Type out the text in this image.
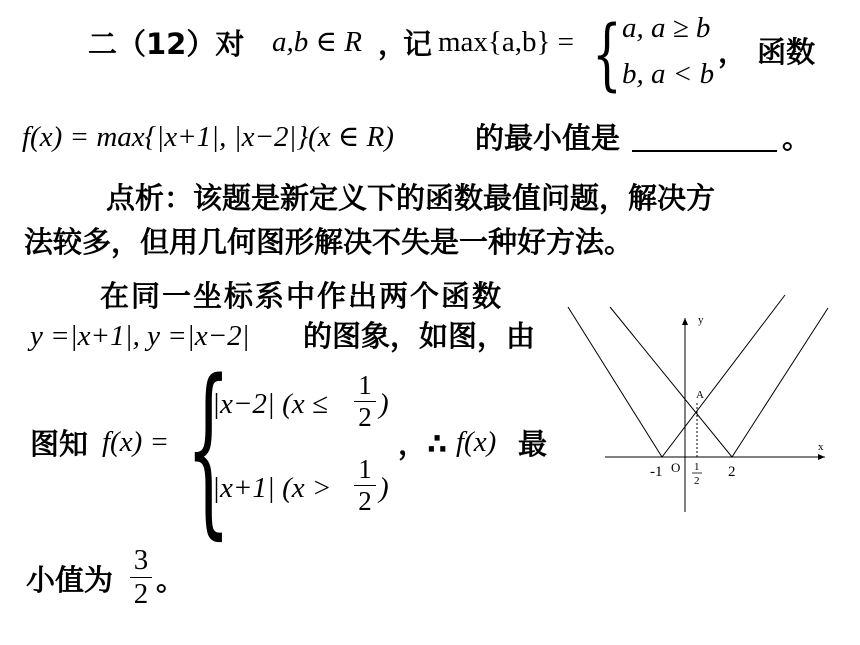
二（12）对 a,b ∈ R ，
记 max{a,b} = { a, a ≥ b
b, a < b
， 函数
f(x) = max{|x+1|, |x−2|}(x ∈ R)	的最小值是	。
点析：该题是新定义下的函数最值问题，解决方
法较多，但用几何图形解决不失是一种好方法。
在同一坐标系中作出两个函数
y =|x+1|, y =|x−2| 的图象，如图，由
图知 f(x) = {
|x−2| (x ≤
1
2 )
|x+1| (x >
1
2 )
，∴ f(x) 最
小值为
3
2 。
y
x
A
O
-1	1
2
2
